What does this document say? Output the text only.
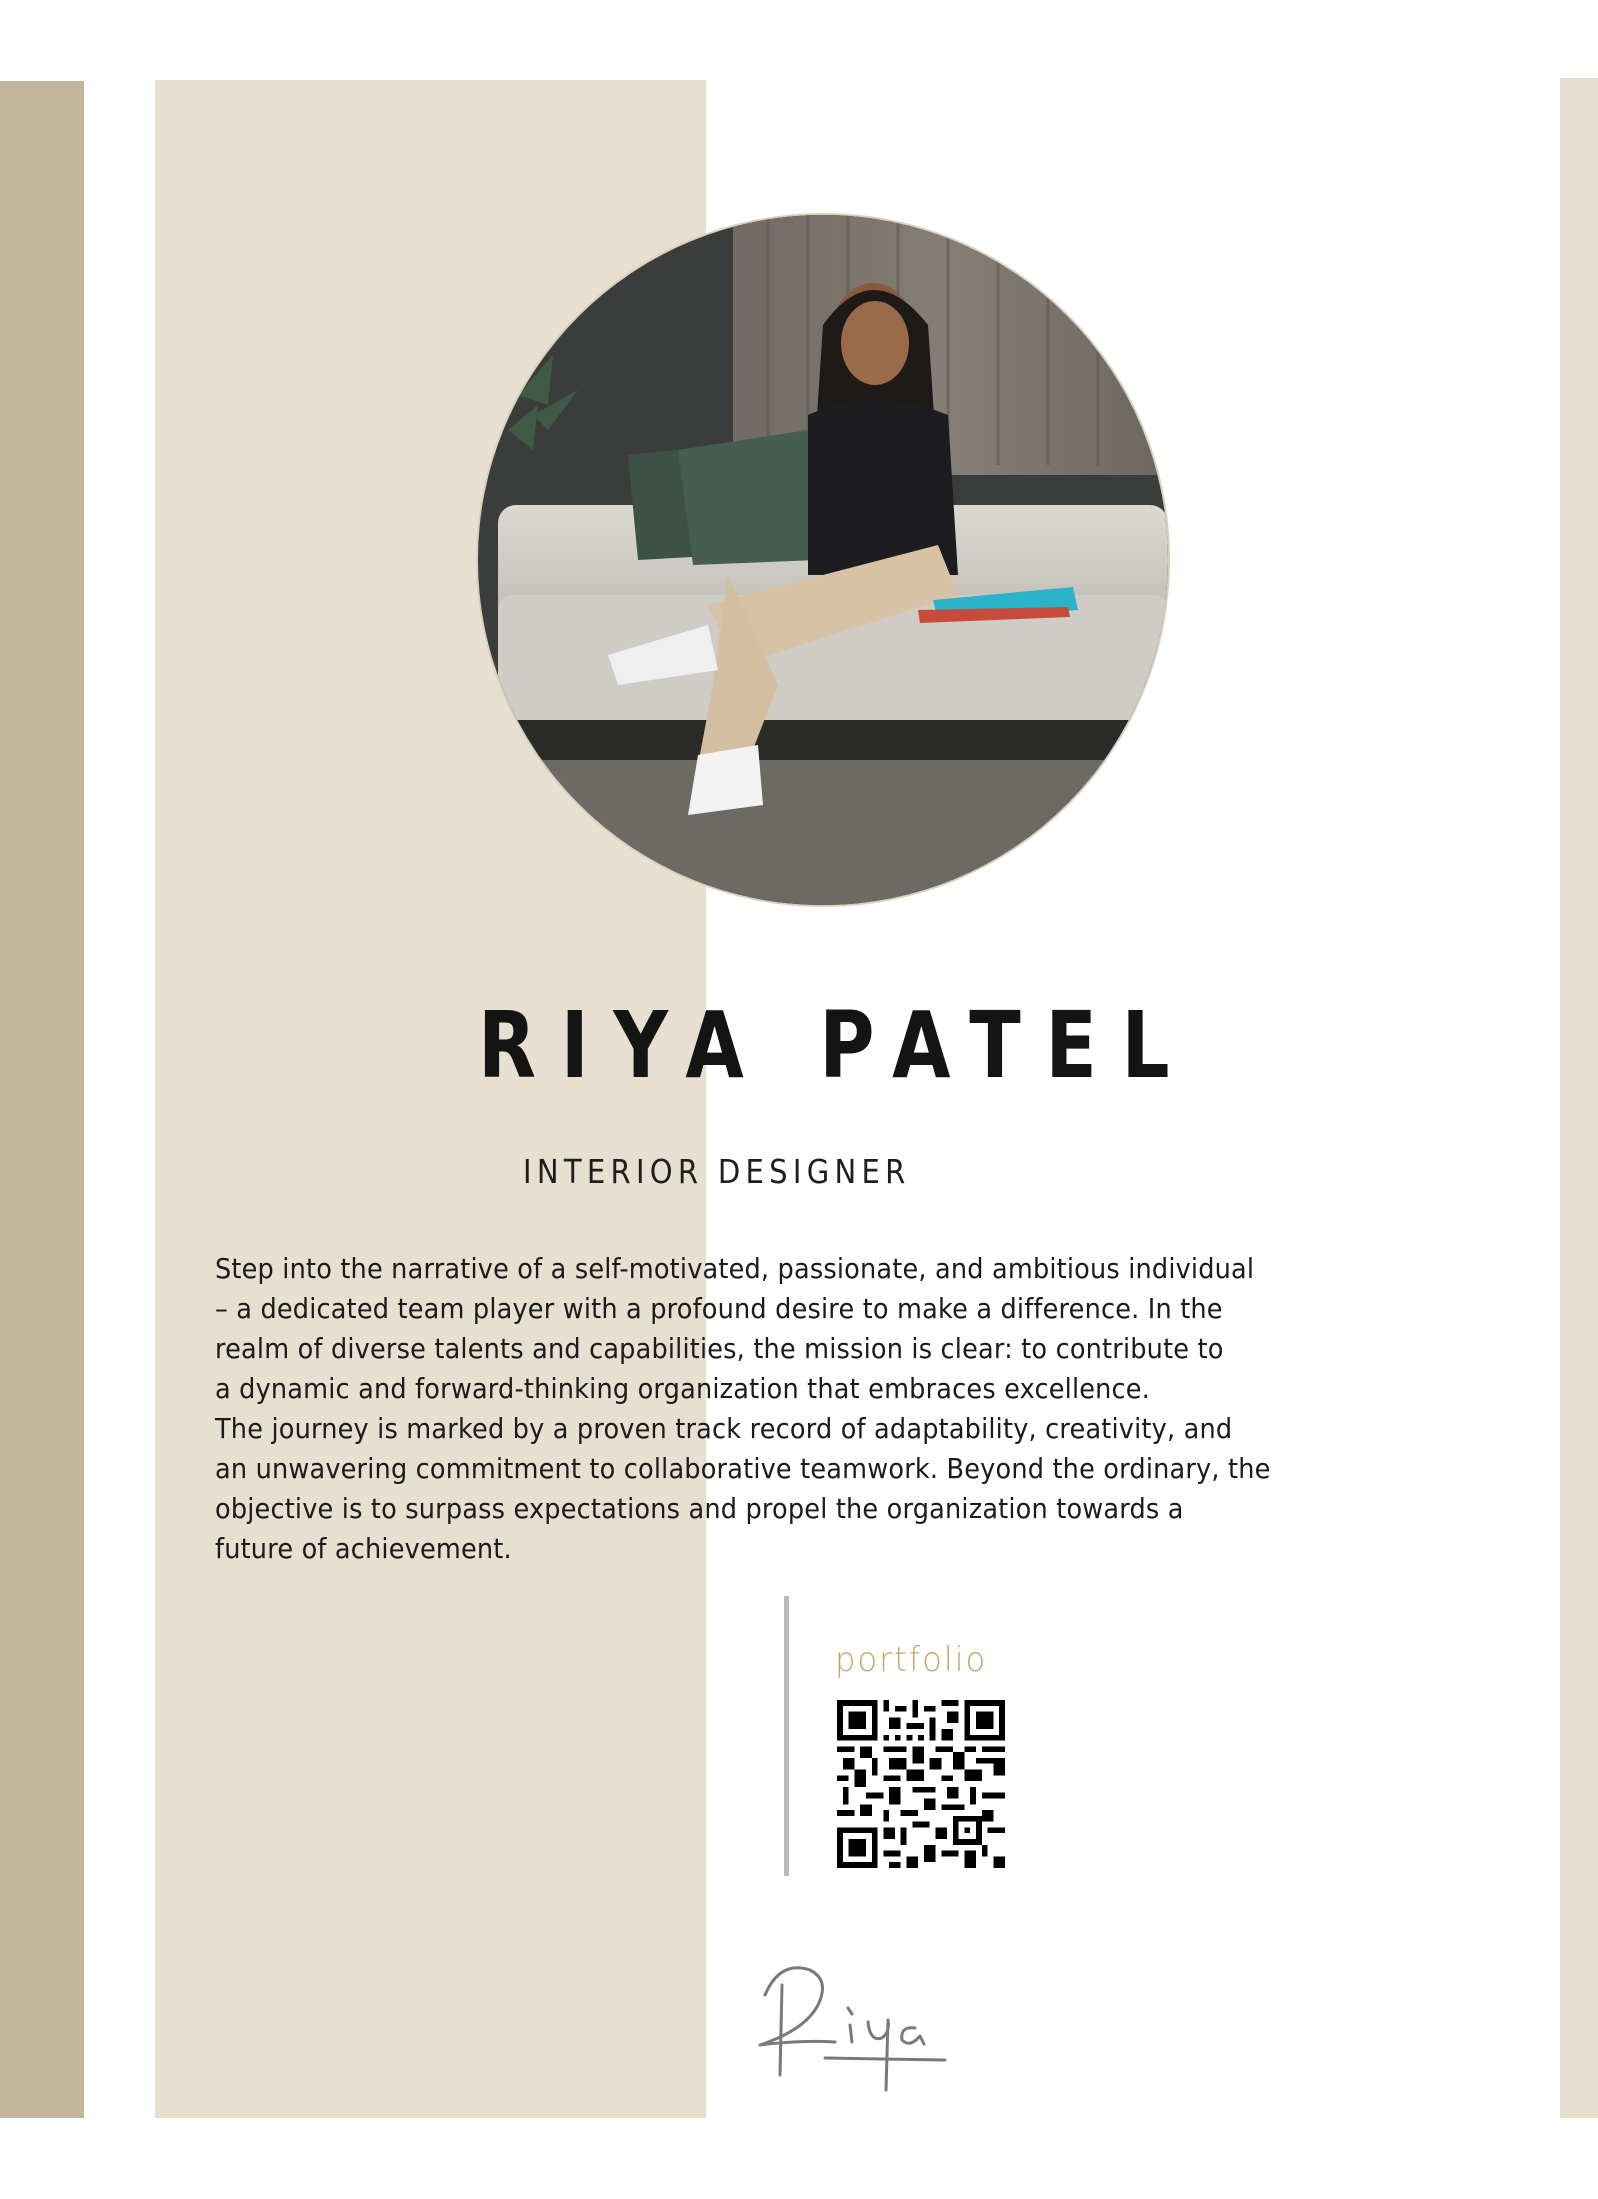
RIYA PATEL
INTERIOR DESIGNER
Step into the narrative of a self-motivated, passionate, and ambitious individual
– a dedicated team player with a profound desire to make a difference. In the
realm of diverse talents and capabilities, the mission is clear: to contribute to
a dynamic and forward-thinking organization that embraces excellence.
The journey is marked by a proven track record of adaptability, creativity, and
an unwavering commitment to collaborative teamwork. Beyond the ordinary, the
objective is to surpass expectations and propel the organization towards a
future of achievement.
portfolio
